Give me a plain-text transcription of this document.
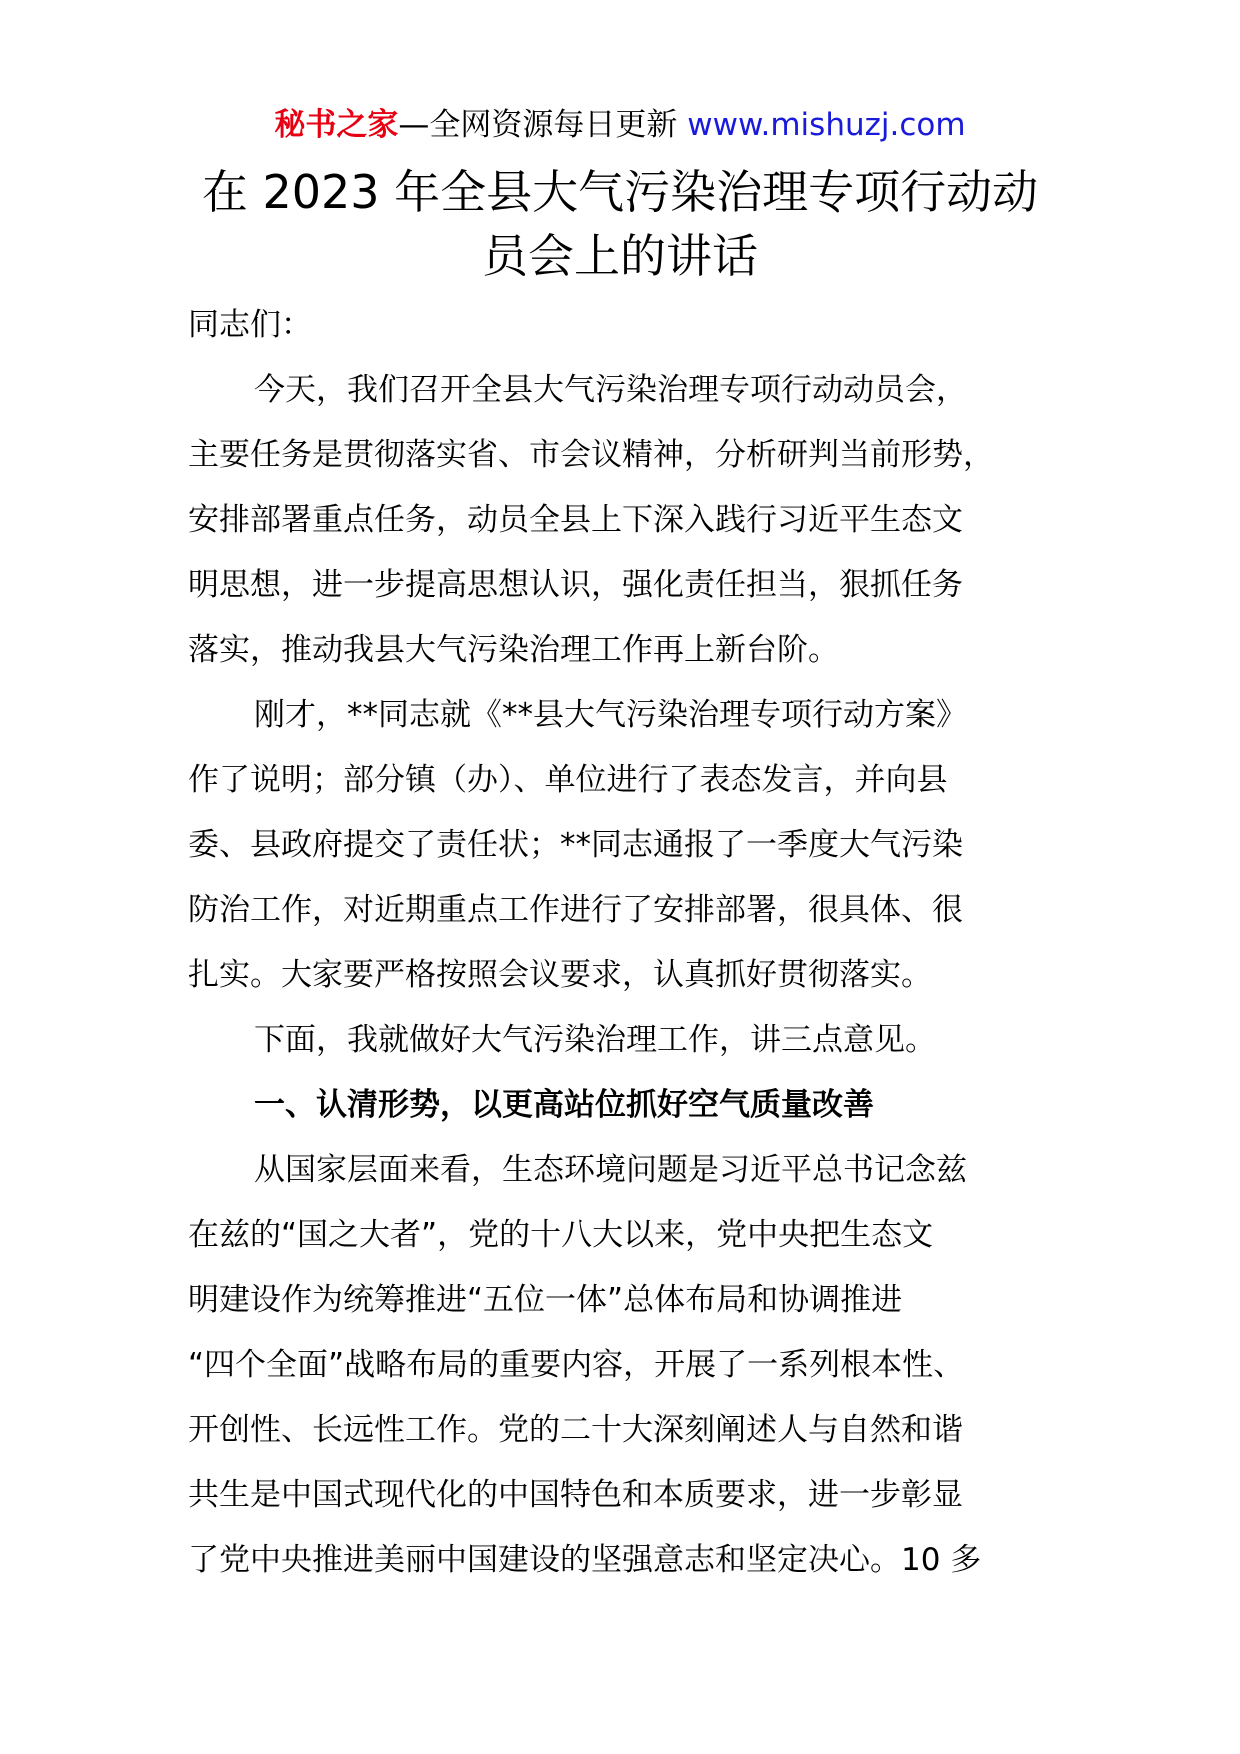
秘书之家—全网资源每日更新 www.mishuzj.com
在 2023 年全县大气污染治理专项行动动
员会上的讲话

同志们：

今天，我们召开全县大气污染治理专项行动动员会，
主要任务是贯彻落实省、市会议精神，分析研判当前形势，
安排部署重点任务，动员全县上下深入践行习近平生态文
明思想，进一步提高思想认识，强化责任担当，狠抓任务
落实，推动我县大气污染治理工作再上新台阶。

刚才，**同志就《**县大气污染治理专项行动方案》
作了说明；部分镇（办）、单位进行了表态发言，并向县
委、县政府提交了责任状；**同志通报了一季度大气污染
防治工作，对近期重点工作进行了安排部署，很具体、很
扎实。大家要严格按照会议要求，认真抓好贯彻落实。

下面，我就做好大气污染治理工作，讲三点意见。

一、认清形势，以更高站位抓好空气质量改善

从国家层面来看，生态环境问题是习近平总书记念兹
在兹的“国之大者”，党的十八大以来，党中央把生态文
明建设作为统筹推进“五位一体”总体布局和协调推进
“四个全面”战略布局的重要内容，开展了一系列根本性、
开创性、长远性工作。党的二十大深刻阐述人与自然和谐
共生是中国式现代化的中国特色和本质要求，进一步彰显
了党中央推进美丽中国建设的坚强意志和坚定决心。10 多
